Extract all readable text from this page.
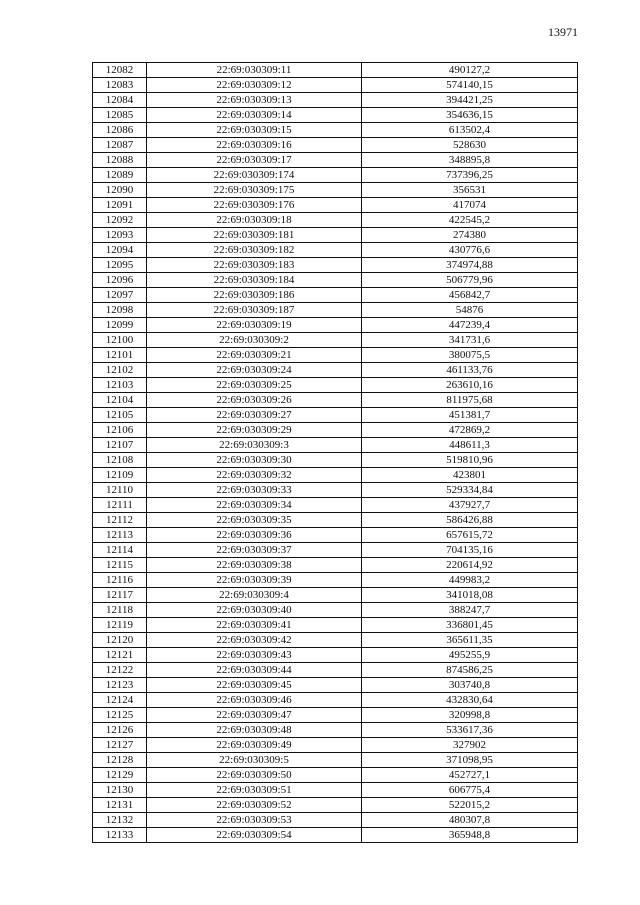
13971
12082	22:69:030309:11	490127,2
12083	22:69:030309:12	574140,15
12084	22:69:030309:13	394421,25
12085	22:69:030309:14	354636,15
12086	22:69:030309:15	613502,4
12087	22:69:030309:16	528630
12088	22:69:030309:17	348895,8
12089	22:69:030309:174	737396,25
12090	22:69:030309:175	356531
12091	22:69:030309:176	417074
12092	22:69:030309:18	422545,2
12093	22:69:030309:181	274380
12094	22:69:030309:182	430776,6
12095	22:69:030309:183	374974,88
12096	22:69:030309:184	506779,96
12097	22:69:030309:186	456842,7
12098	22:69:030309:187	54876
12099	22:69:030309:19	447239,4
12100	22:69:030309:2	341731,6
12101	22:69:030309:21	380075,5
12102	22:69:030309:24	461133,76
12103	22:69:030309:25	263610,16
12104	22:69:030309:26	811975,68
12105	22:69:030309:27	451381,7
12106	22:69:030309:29	472869,2
12107	22:69:030309:3	448611,3
12108	22:69:030309:30	519810,96
12109	22:69:030309:32	423801
12110	22:69:030309:33	529334,84
12111	22:69:030309:34	437927,7
12112	22:69:030309:35	586426,88
12113	22:69:030309:36	657615,72
12114	22:69:030309:37	704135,16
12115	22:69:030309:38	220614,92
12116	22:69:030309:39	449983,2
12117	22:69:030309:4	341018,08
12118	22:69:030309:40	388247,7
12119	22:69:030309:41	336801,45
12120	22:69:030309:42	365611,35
12121	22:69:030309:43	495255,9
12122	22:69:030309:44	874586,25
12123	22:69:030309:45	303740,8
12124	22:69:030309:46	432830,64
12125	22:69:030309:47	320998,8
12126	22:69:030309:48	533617,36
12127	22:69:030309:49	327902
12128	22:69:030309:5	371098,95
12129	22:69:030309:50	452727,1
12130	22:69:030309:51	606775,4
12131	22:69:030309:52	522015,2
12132	22:69:030309:53	480307,8
12133	22:69:030309:54	365948,8
